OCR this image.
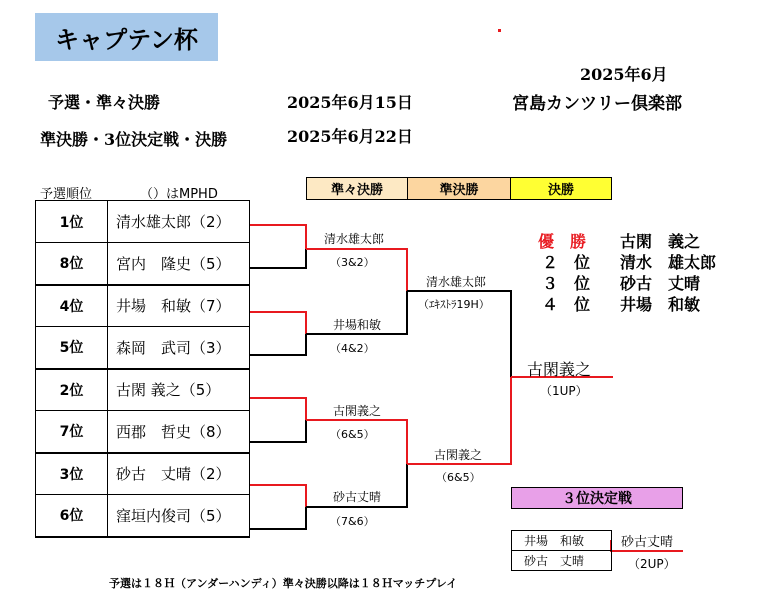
キャプテン杯
2025年6月
宮島カンツリー倶楽部
予選・準々決勝	2025年6月15日
準決勝・3位決定戦・決勝	2025年6月22日
予選順位	（）はMPHD	準々決勝	準決勝	決勝
1位	清水雄太郎（2）
8位	宮内　隆史（5）
4位	井場　和敏（7）
5位	森岡　武司（3）
2位	古閑 義之（5）
7位	西郡　哲史（8）
3位	砂古　丈晴（2）
6位	窪垣内俊司（5）
清水雄太郎
（3&2）
井場和敏
（4&2）
古閑義之
（6&5）
砂古丈晴
（7&6）
清水雄太郎
（ｴｷｽﾄﾗ19H）
古閑義之
（6&5）
古閑義之
（1UP）
優　勝 古閑　義之
２　位 清水　雄太郎
３　位 砂古　丈晴
４　位 井場　和敏
３位決定戦
井場　和敏
砂古　丈晴
砂古丈晴
（2UP）
予選は１８Ｈ（アンダーハンディ）準々決勝以降は１８Ｈマッチプレイ
